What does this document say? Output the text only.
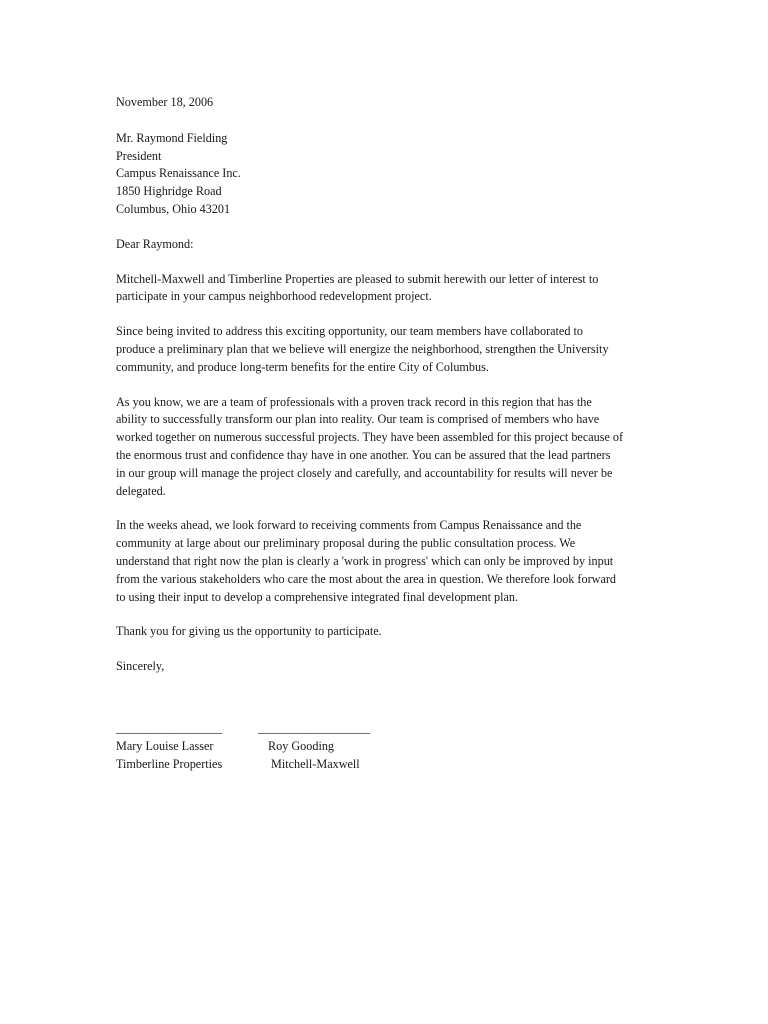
November 18, 2006

Mr. Raymond Fielding
President
Campus Renaissance Inc.
1850 Highridge Road
Columbus, Ohio 43201

Dear Raymond:

Mitchell-Maxwell and Timberline Properties are pleased to submit herewith our letter of interest to
participate in your campus neighborhood redevelopment project.

Since being invited to address this exciting opportunity, our team members have collaborated to
produce a preliminary plan that we believe will energize the neighborhood, strengthen the University
community, and produce long-term benefits for the entire City of Columbus.

As you know, we are a team of professionals with a proven track record in this region that has the
ability to successfully transform our plan into reality. Our team is comprised of members who have
worked together on numerous successful projects. They have been assembled for this project because of
the enormous trust and confidence thay have in one another. You can be assured that the lead partners
in our group will manage the project closely and carefully, and accountability for results will never be
delegated.

In the weeks ahead, we look forward to receiving comments from Campus Renaissance and the
community at large about our preliminary proposal during the public consultation process. We
understand that right now the plan is clearly a 'work in progress' which can only be improved by input
from the various stakeholders who care the most about the area in question. We therefore look forward
to using their input to develop a comprehensive integrated final development plan.

Thank you for giving us the opportunity to participate.

Sincerely,

__________________
Mary Louise Lasser
Timberline Properties
___________________
Roy Gooding
Mitchell-Maxwell
